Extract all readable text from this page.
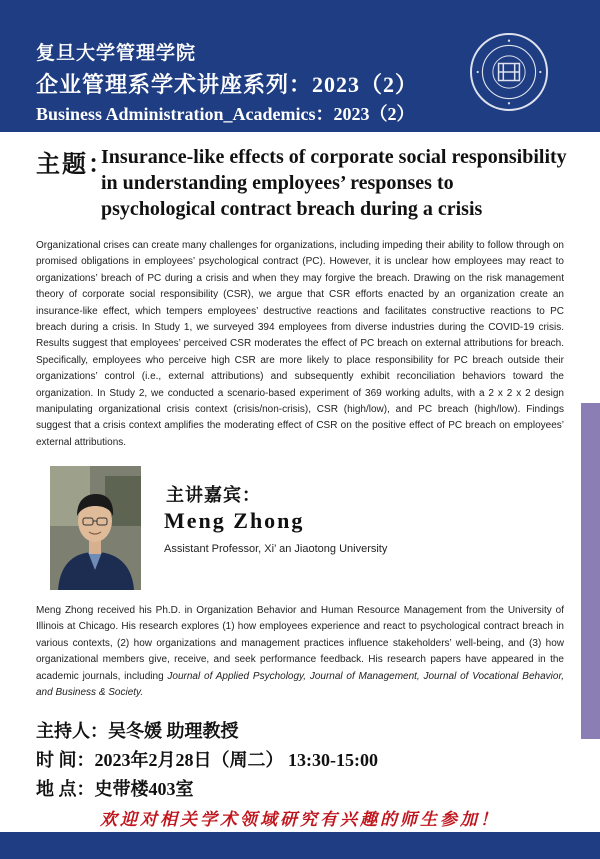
复旦大学管理学院
企业管理系学术讲座系列：2023（2）
Business Administration_Academics：2023（2）
主题：
Insurance-like effects of corporate social responsibility in understanding employees’ responses to psychological contract breach during a crisis
Organizational crises can create many challenges for organizations, including impeding their ability to follow through on promised obligations in employees’ psychological contract (PC). However, it is unclear how employees may react to organizations’ breach of PC during a crisis and when they may forgive the breach. Drawing on the risk management theory of corporate social responsibility (CSR), we argue that CSR efforts enacted by an organization create an insurance-like effect, which tempers employees’ destructive reactions and facilitates constructive reactions to PC breach during a crisis. In Study 1, we surveyed 394 employees from diverse industries during the COVID-19 crisis. Results suggest that employees’ perceived CSR moderates the effect of PC breach on external attributions for breach. Specifically, employees who perceive high CSR are more likely to place responsibility for PC breach outside their organizations’ control (i.e., external attributions) and subsequently exhibit reconciliation behaviors toward the organization. In Study 2, we conducted a scenario-based experiment of 369 working adults, with a 2 x 2 x 2 design manipulating organizational crisis context (crisis/non-crisis), CSR (high/low), and PC breach (high/low). Findings suggest that a crisis context amplifies the moderating effect of CSR on the positive effect of PC breach on employees’ external attributions.
主讲嘉宾：
Meng Zhong
Assistant Professor, Xi’ an Jiaotong University
Meng Zhong received his Ph.D. in Organization Behavior and Human Resource Management from the University of Illinois at Chicago. His research explores (1) how employees experience and react to psychological contract breach in various contexts, (2) how organizations and management practices influence stakeholders’ well-being, and (3) how organizational members give, receive, and seek performance feedback. His research papers have appeared in the academic journals, including Journal of Applied Psychology, Journal of Management, Journal of Vocational Behavior, and Business & Society.
主持人：吴冬媛 助理教授
时 间：2023年2月28日（周二） 13:30-15:00
地 点：史带楼403室
欢迎对相关学术领域研究有兴趣的师生参加！
